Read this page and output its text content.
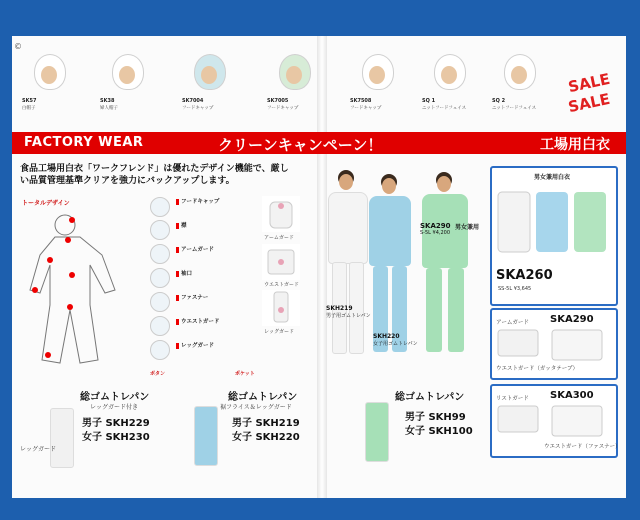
©
SK57
白帽子
SK38
婦人帽子
SK7004
フードキャップ
SK7005
フードキャップ
SK7508
フードキャップ
SQ 1
ニットフードフェイス
SQ 2
ニットフードフェイス
SALE
SALE
FACTORY WEAR	クリーンキャンペーン！	工場用白衣
食品工場用白衣「ワークフレンド」は優れたデザイン機能で、厳しい品質管理基準クリアを強力にバックアップします。
トータルデザイン	フードキャップ
襟
アームガード
袖口
ファスナー
ウエストガード
レッグガード
アームガード
ウエストガード
レッグガード
ボタン	ポケット
SKH219
男子用ゴムトレパン
SKH220
女子用ゴムトレパン
SKA290 男女兼用
S-5L ¥4,200
男女兼用白衣
SKA260
SS-5L ¥3,645
アームガード SKA290
ウエストガード（ガッタテープ）
リストガード SKA300
ウエストガード（ファスナー）
総ゴムトレパン
レッグガード付き
男子 SKH229
女子 SKH230
レッグガード
総ゴムトレパン
裾フライス＆レッグガード
男子 SKH219
女子 SKH220
総ゴムトレパン
男子 SKH99
女子 SKH100
